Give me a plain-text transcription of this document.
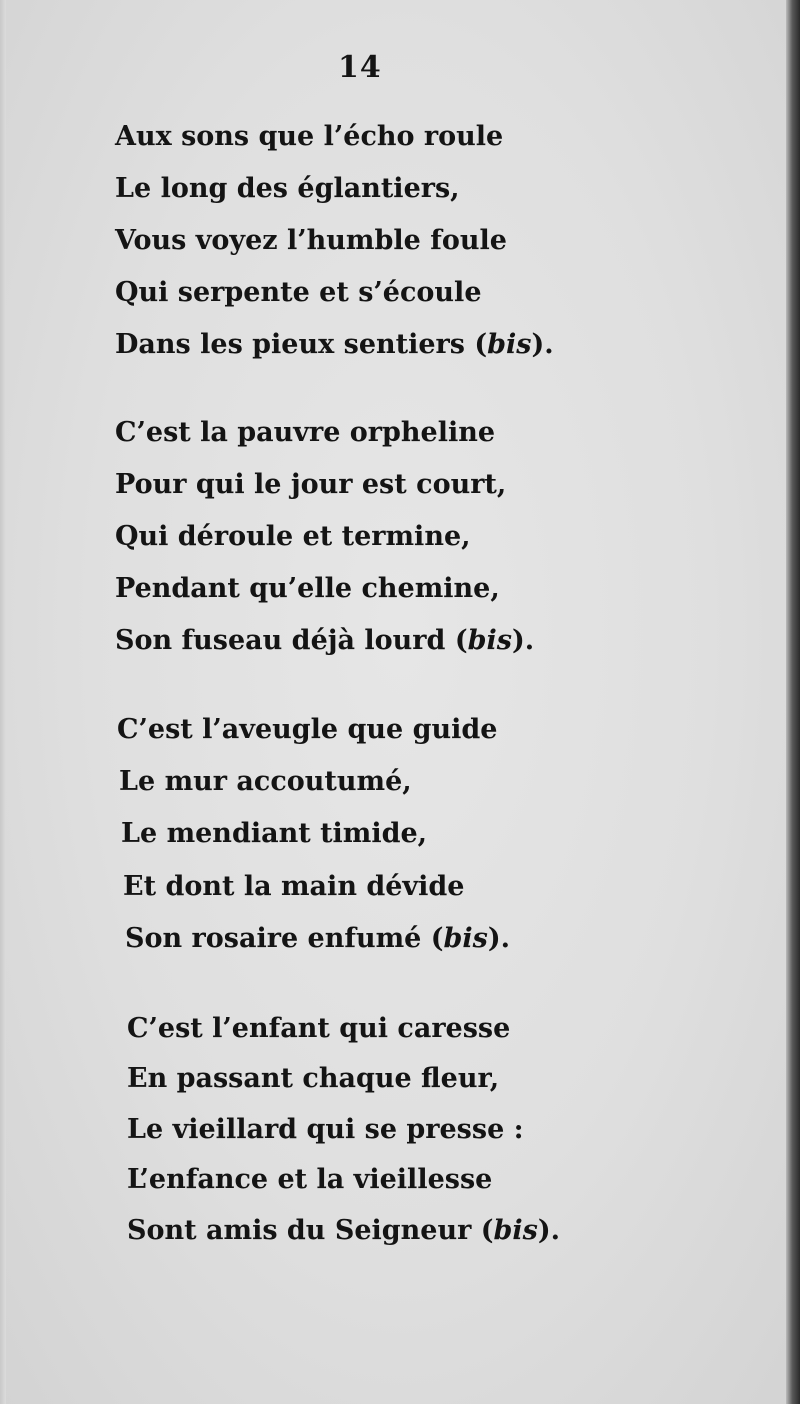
14
Aux sons que l’écho roule
Le long des églantiers,
Vous voyez l’humble foule
Qui serpente et s’écoule
Dans les pieux sentiers (bis).
C’est la pauvre orpheline
Pour qui le jour est court,
Qui déroule et termine,
Pendant qu’elle chemine,
Son fuseau déjà lourd (bis).
C’est l’aveugle que guide
Le mur accoutumé,
Le mendiant timide,
Et dont la main dévide
Son rosaire enfumé (bis).
C’est l’enfant qui caresse
En passant chaque fleur,
Le vieillard qui se presse :
L’enfance et la vieillesse
Sont amis du Seigneur (bis).
